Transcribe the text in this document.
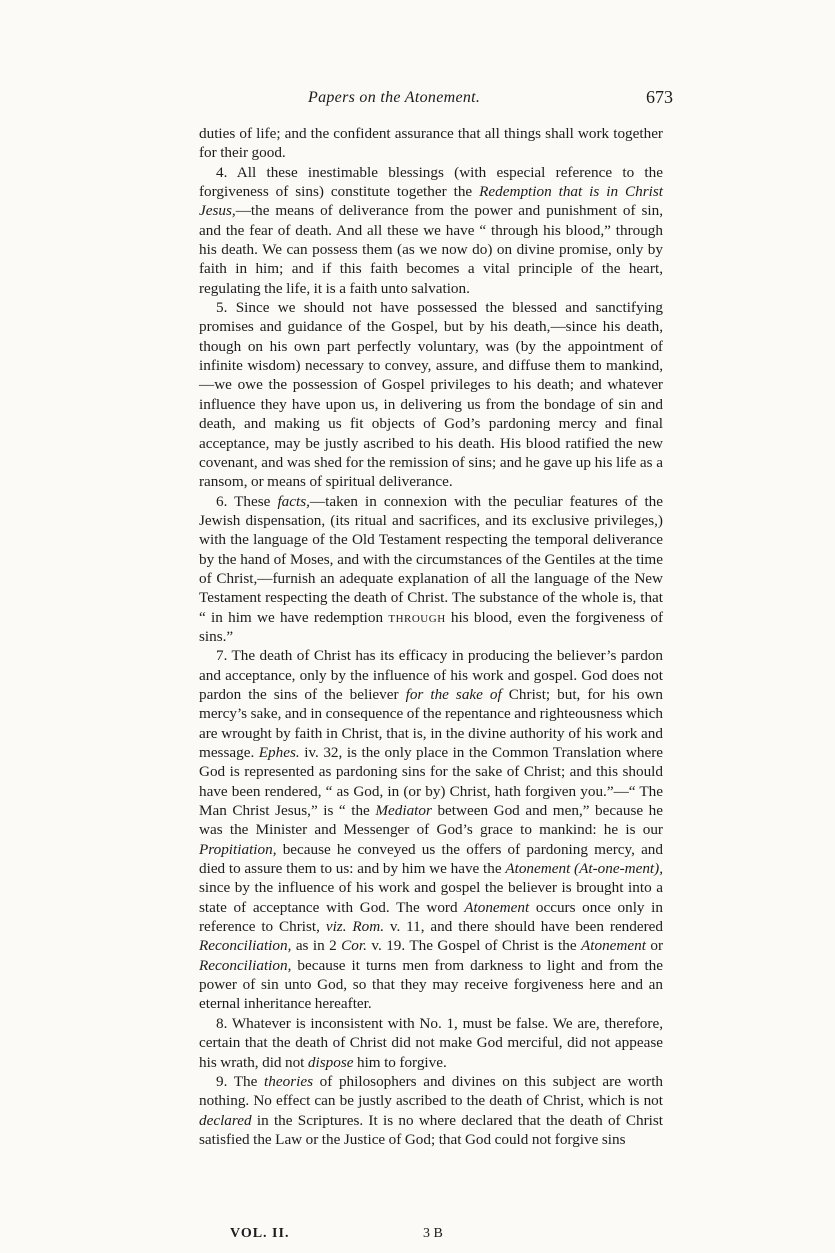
Papers on the Atonement.	673

duties of life; and the confident assurance that all things shall work together for their good.

4. All these inestimable blessings (with especial reference to the forgiveness of sins) constitute together the Redemption that is in Christ Jesus,—the means of deliverance from the power and punishment of sin, and the fear of death. And all these we have “ through his blood,” through his death. We can possess them (as we now do) on divine promise, only by faith in him; and if this faith becomes a vital principle of the heart, regulating the life, it is a faith unto salvation.

5. Since we should not have possessed the blessed and sanctifying promises and guidance of the Gospel, but by his death,—since his death, though on his own part perfectly voluntary, was (by the appointment of infinite wisdom) necessary to convey, assure, and diffuse them to mankind,—we owe the possession of Gospel privileges to his death; and whatever influence they have upon us, in delivering us from the bondage of sin and death, and making us fit objects of God’s pardoning mercy and final acceptance, may be justly ascribed to his death. His blood ratified the new covenant, and was shed for the remission of sins; and he gave up his life as a ransom, or means of spiritual deliverance.

6. These facts,—taken in connexion with the peculiar features of the Jewish dispensation, (its ritual and sacrifices, and its exclusive privileges,) with the language of the Old Testament respecting the temporal deliverance by the hand of Moses, and with the circumstances of the Gentiles at the time of Christ,—furnish an adequate explanation of all the language of the New Testament respecting the death of Christ. The substance of the whole is, that “ in him we have redemption through his blood, even the forgiveness of sins.”

7. The death of Christ has its efficacy in producing the believer’s pardon and acceptance, only by the influence of his work and gospel. God does not pardon the sins of the believer for the sake of Christ; but, for his own mercy’s sake, and in consequence of the repentance and righteousness which are wrought by faith in Christ, that is, in the divine authority of his work and message. Ephes. iv. 32, is the only place in the Common Translation where God is represented as pardoning sins for the sake of Christ; and this should have been rendered, “ as God, in (or by) Christ, hath forgiven you.”—“ The Man Christ Jesus,” is “ the Mediator between God and men,” because he was the Minister and Messenger of God’s grace to mankind: he is our Propitiation, because he conveyed us the offers of pardoning mercy, and died to assure them to us: and by him we have the Atonement (At-one-ment), since by the influence of his work and gospel the believer is brought into a state of acceptance with God. The word Atonement occurs once only in reference to Christ, viz. Rom. v. 11, and there should have been rendered Reconciliation, as in 2 Cor. v. 19. The Gospel of Christ is the Atonement or Reconciliation, because it turns men from darkness to light and from the power of sin unto God, so that they may receive forgiveness here and an eternal inheritance hereafter.

8. Whatever is inconsistent with No. 1, must be false. We are, therefore, certain that the death of Christ did not make God merciful, did not appease his wrath, did not dispose him to forgive.

9. The theories of philosophers and divines on this subject are worth nothing. No effect can be justly ascribed to the death of Christ, which is not declared in the Scriptures. It is no where declared that the death of Christ satisfied the Law or the Justice of God; that God could not forgive sins

VOL. II.	3 B
